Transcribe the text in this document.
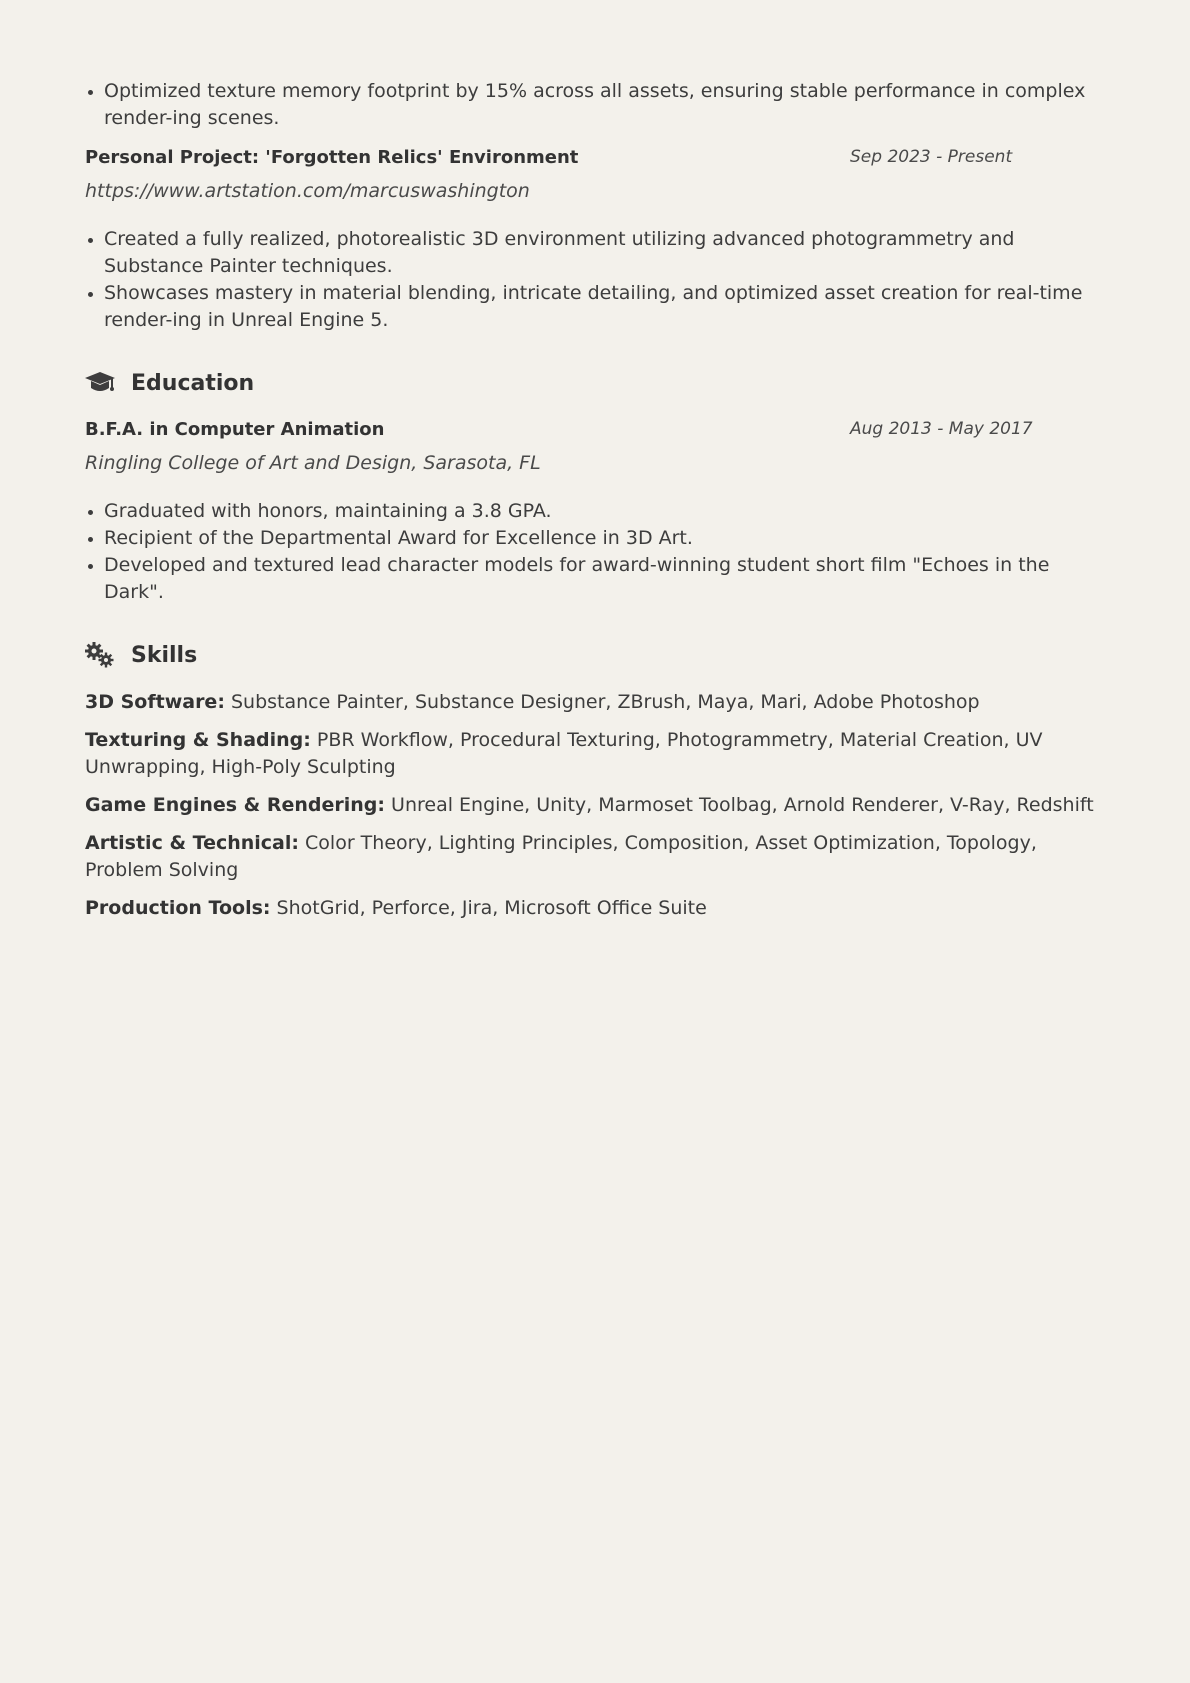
Optimized texture memory footprint by 15% across all assets, ensuring stable performance in complex render-ing scenes.
Personal Project: 'Forgotten Relics' Environment	Sep 2023 - Present
https://www.artstation.com/marcuswashington
Created a fully realized, photorealistic 3D environment utilizing advanced photogrammetry and Substance Painter techniques.
Showcases mastery in material blending, intricate detailing, and optimized asset creation for real-time render-ing in Unreal Engine 5.
Education
B.F.A. in Computer Animation	Aug 2013 - May 2017
Ringling College of Art and Design, Sarasota, FL
Graduated with honors, maintaining a 3.8 GPA.
Recipient of the Departmental Award for Excellence in 3D Art.
Developed and textured lead character models for award-winning student short film "Echoes in the Dark".
Skills

3D Software: Substance Painter, Substance Designer, ZBrush, Maya, Mari, Adobe Photoshop

Texturing & Shading: PBR Workflow, Procedural Texturing, Photogrammetry, Material Creation, UV Unwrapping, High-Poly Sculpting

Game Engines & Rendering: Unreal Engine, Unity, Marmoset Toolbag, Arnold Renderer, V-Ray, Redshift

Artistic & Technical: Color Theory, Lighting Principles, Composition, Asset Optimization, Topology, Problem Solving

Production Tools: ShotGrid, Perforce, Jira, Microsoft Office Suite
